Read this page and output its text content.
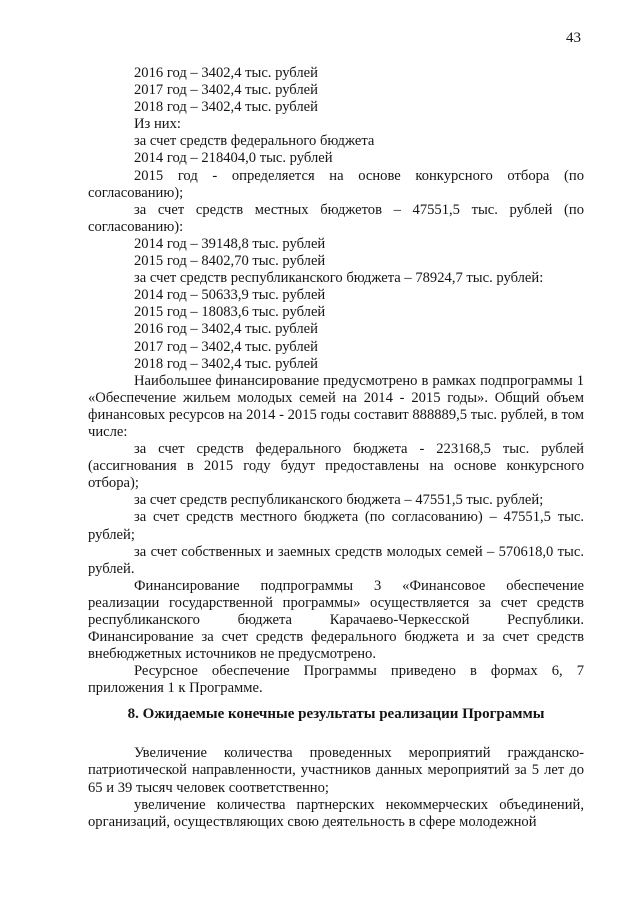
43

2016 год – 3402,4 тыс. рублей

2017 год – 3402,4 тыс. рублей

2018 год – 3402,4 тыс. рублей

Из них:

за счет средств федерального бюджета

2014 год – 218404,0 тыс. рублей

2015 год - определяется на основе конкурсного отбора (по согласованию);

за счет средств местных бюджетов – 47551,5 тыс. рублей (по согласованию):

2014 год – 39148,8 тыс. рублей

2015 год – 8402,70 тыс. рублей

за счет средств республиканского бюджета – 78924,7 тыс. рублей:

2014 год – 50633,9 тыс. рублей

2015 год – 18083,6 тыс. рублей

2016 год – 3402,4 тыс. рублей

2017 год – 3402,4 тыс. рублей

2018 год – 3402,4 тыс. рублей

Наибольшее финансирование предусмотрено в рамках подпрограммы 1 «Обеспечение жильем молодых семей на 2014 - 2015 годы». Общий объем финансовых ресурсов на 2014 - 2015 годы составит 888889,5 тыс. рублей, в том числе:

за счет средств федерального бюджета - 223168,5 тыс. рублей (ассигнования в 2015 году будут предоставлены на основе конкурсного отбора);

за счет средств республиканского бюджета – 47551,5 тыс. рублей;

за счет средств местного бюджета (по согласованию) – 47551,5 тыс. рублей;

за счет собственных и заемных средств молодых семей – 570618,0 тыс. рублей.

Финансирование подпрограммы 3 «Финансовое обеспечение реализации государственной программы» осуществляется за счет средств республиканского бюджета Карачаево-Черкесской Республики. Финансирование за счет средств федерального бюджета и за счет средств внебюджетных источников не предусмотрено.

Ресурсное обеспечение Программы приведено в формах 6, 7 приложения 1 к Программе.

8. Ожидаемые конечные результаты реализации Программы

Увеличение количества проведенных мероприятий гражданско-патриотической направленности, участников данных мероприятий за 5 лет до 65 и 39 тысяч человек соответственно;

увеличение количества партнерских некоммерческих объединений, организаций, осуществляющих свою деятельность в сфере молодежной
